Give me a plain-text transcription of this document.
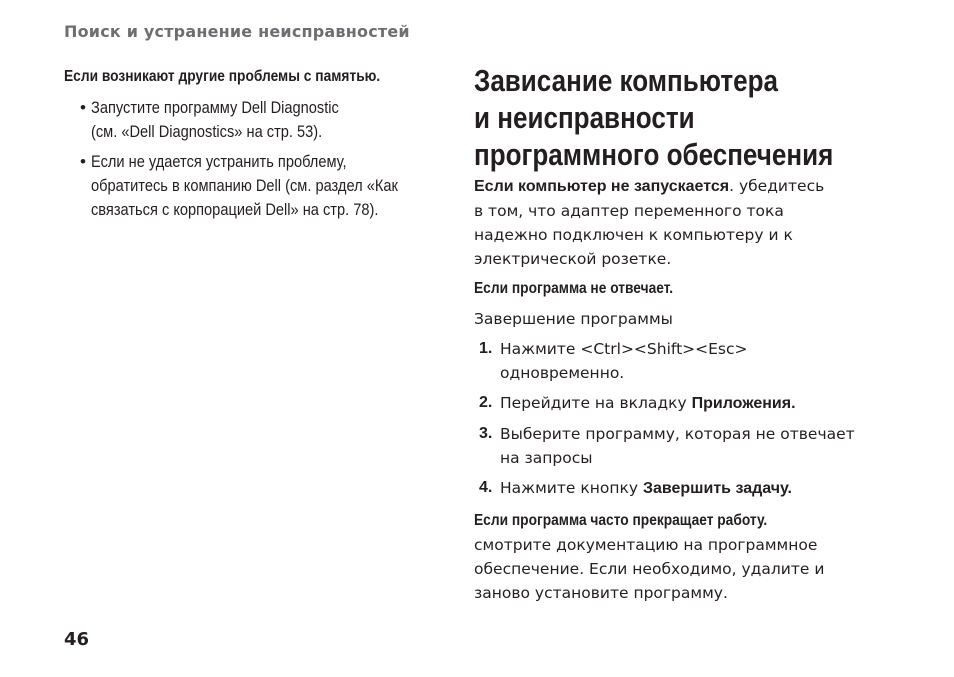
Поиск и устранение неисправностей
Если возникают другие проблемы с памятью.
• Запустите программу Dell Diagnostic
(см. «Dell Diagnostics» на стр. 53).
• Если не удается устранить проблему,
обратитесь в компанию Dell (см. раздел «Как
связаться с корпорацией Dell» на стр. 78).
Зависание компьютера
и неисправности
программного обеспечения
Если компьютер не запускается. убедитесь
в том, что адаптер переменного тока
надежно подключен к компьютеру и к
электрической розетке.
Если программа не отвечает.
Завершение программы
1. Нажмите <Ctrl><Shift><Esc>
одновременно.
2. Перейдите на вкладку Приложения.
3. Выберите программу, которая не отвечает
на запросы
4. Нажмите кнопку Завершить задачу.
Если программа часто прекращает работу.
смотрите документацию на программное
обеспечение. Если необходимо, удалите и
заново установите программу.
46
